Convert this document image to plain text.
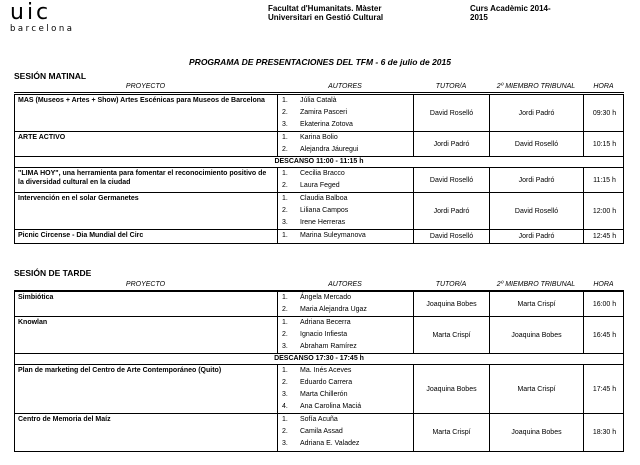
uic
barcelona
Facultat d'Humanitats. Màster
Universitari en Gestió Cultural
Curs Acadèmic 2014-
2015
PROGRAMA DE PRESENTACIONES DEL TFM - 6 de julio de 2015
SESIÓN MATINAL
PROYECTO	AUTORES	TUTOR/A	2º MIEMBRO TRIBUNAL	HORA
MAS (Museos + Artes + Show) Artes Escénicas para Museos de Barcelona	1.	Júlia Català
2.	Zamira Pasceri
3.	Ekaterina Zotova
David Roselló	Jordi Padró	09:30 h
ARTE ACTIVO	1.	Karina Bolio
2.	Alejandra Jáuregui
Jordi Padró	David Roselló	10:15 h
DESCANSO 11:00 - 11:15 h
"LIMA HOY", una herramienta para fomentar el reconocimiento positivo de la diversidad cultural en la ciudad
1.	Cecilia Bracco
2.	Laura Feged
David Roselló	Jordi Padró	11:15 h
Intervención en el solar Germanetes	1.	Claudia Balboa
2.	Liliana Campos
3.	Irene Herreras
Jordi Padró	David Roselló	12:00 h
Picnic Circense - Dia Mundial del Circ	1.	Marina Suleymanova	David Roselló	Jordi Padró	12:45 h
SESIÓN DE TARDE
PROYECTO	AUTORES	TUTOR/A	2º MIEMBRO TRIBUNAL	HORA
Simbiótica	1.	Ángela Mercado
2.	Maria Alejandra Ugaz
Joaquina Bobes	Marta Crispí	16:00 h
Knowlan	1.	Adriana Becerra
2.	Ignacio Infiesta
3.	Abraham Ramírez
Marta Crispí	Joaquina Bobes	16:45 h
DESCANSO 17:30 - 17:45 h
Plan de marketing del Centro de Arte Contemporáneo (Quito)	1.	Ma. Inés Aceves
2.	Eduardo Carrera
3.	Marta Chillerón
4.	Ana Carolina Maciá
Joaquina Bobes	Marta Crispí	17:45 h
Centro de Memoria del Maíz	1.	Sofía Acuña
2.	Camila Assad
3.	Adriana E. Valadez
Marta Crispí	Joaquina Bobes	18:30 h
